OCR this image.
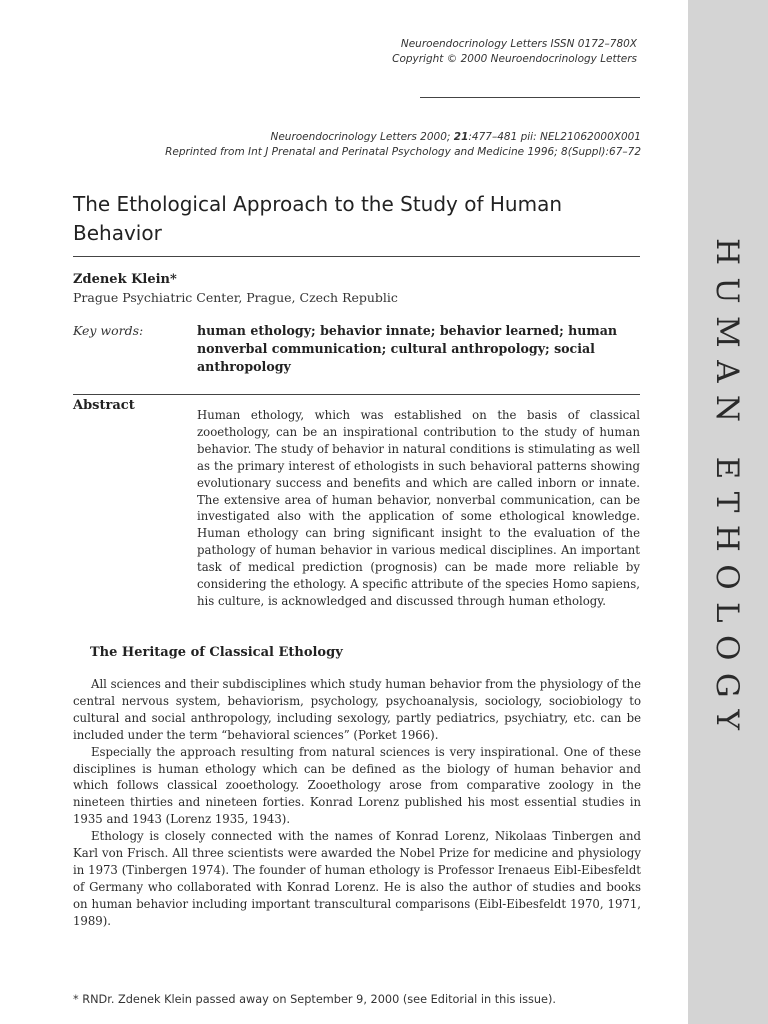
Neuroendocrinology Letters ISSN 0172–780X
Copyright © 2000 Neuroendocrinology Letters
Neuroendocrinology Letters 2000; 21:477–481 pii: NEL21062000X001
Reprinted from Int J Prenatal and Perinatal Psychology and Medicine 1996; 8(Suppl):67–72
The Ethological Approach to the Study of Human Behavior
Zdenek Klein*
Prague Psychiatric Center, Prague, Czech Republic
Key words:	human ethology; behavior innate; behavior learned; human nonverbal communication; cultural anthropology; social anthropology
Abstract

Human ethology, which was established on the basis of classical zooethology, can be an inspirational contribution to the study of human behavior. The study of behavior in natural conditions is stimulating as well as the primary interest of ethologists in such behavioral patterns showing evolutionary success and benefits and which are called inborn or innate. The extensive area of human behavior, nonverbal communication, can be investigated also with the application of some ethological knowledge. Human ethology can bring significant insight to the evaluation of the pathology of human behavior in various medical disciplines. An important task of medical prediction (prognosis) can be made more reliable by considering the ethology. A specific attribute of the species Homo sapiens, his culture, is acknowledged and discussed through human ethology.

The Heritage of Classical Ethology

All sciences and their subdisciplines which study human behavior from the physiology of the central nervous system, behaviorism, psychology, psychoanalysis, sociology, sociobiology to cultural and social anthropology, including sexology, partly pediatrics, psychiatry, etc. can be included under the term “behavioral sciences” (Porket 1966).

Especially the approach resulting from natural sciences is very inspirational. One of these disciplines is human ethology which can be defined as the biology of human behavior and which follows classical zooethology. Zooethology arose from comparative zoology in the nineteen thirties and nineteen forties. Konrad Lorenz published his most essential studies in 1935 and 1943 (Lorenz 1935, 1943).

Ethology is closely connected with the names of Konrad Lorenz, Nikolaas Tinbergen and Karl von Frisch. All three scientists were awarded the Nobel Prize for medicine and physiology in 1973 (Tinbergen 1974). The founder of human ethology is Professor Irenaeus Eibl-Eibesfeldt of Germany who collaborated with Konrad Lorenz. He is also the author of studies and books on human behavior including important transcultural comparisons (Eibl-Eibesfeldt 1970, 1971, 1989).

* RNDr. Zdenek Klein passed away on September 9, 2000 (see Editorial in this issue).
HUMAN ETHOLOGY
